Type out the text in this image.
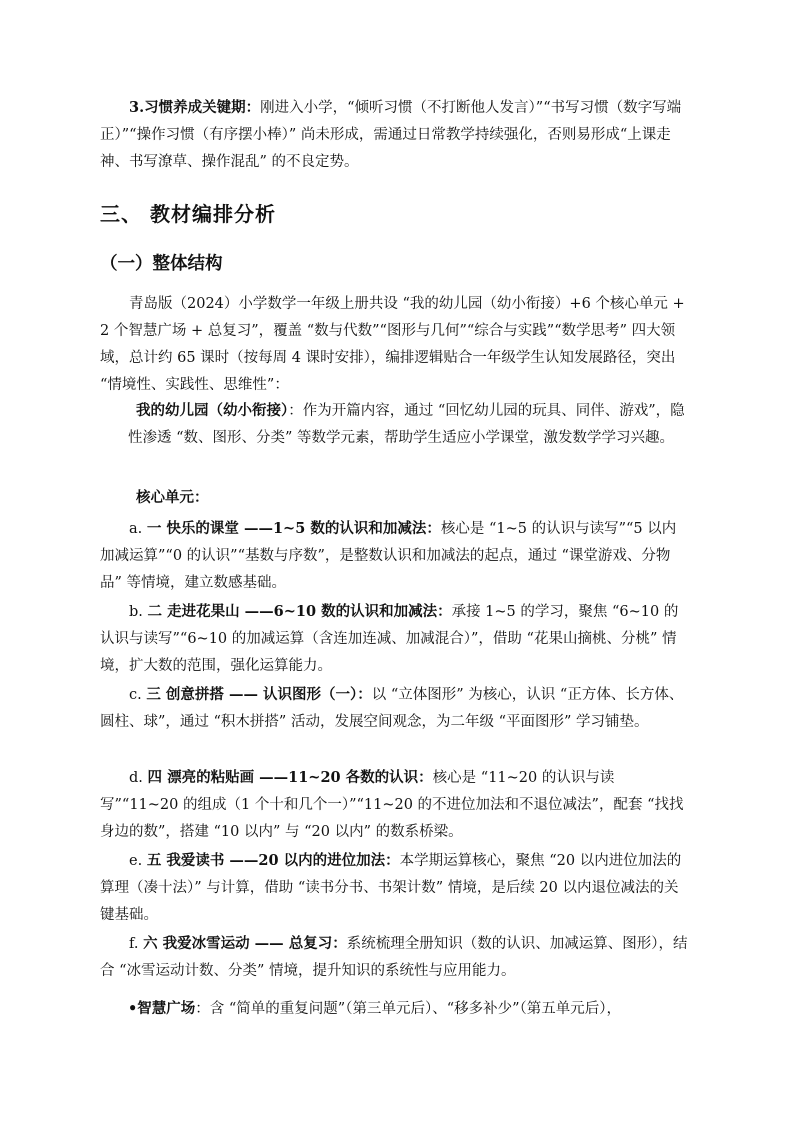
3.习惯养成关键期：刚进入小学，“倾听习惯（不打断他人发言）”“书写习惯（数字写端正）”“操作习惯（有序摆小棒）” 尚未形成，需通过日常教学持续强化，否则易形成“上课走神、书写潦草、操作混乱” 的不良定势。

三、 教材编排分析
（一）整体结构

青岛版（2024）小学数学一年级上册共设 “我的幼儿园（幼小衔接）+6 个核心单元 + 2 个智慧广场 + 总复习”，覆盖 “数与代数”“图形与几何”“综合与实践”“数学思考” 四大领域，总计约 65 课时（按每周 4 课时安排），编排逻辑贴合一年级学生认知发展路径，突出 “情境性、实践性、思维性”：

我的幼儿园（幼小衔接）：作为开篇内容，通过 “回忆幼儿园的玩具、同伴、游戏”，隐性渗透 “数、图形、分类” 等数学元素，帮助学生适应小学课堂，激发数学学习兴趣。

核心单元：

a. 一 快乐的课堂 ——1~5 数的认识和加减法：核心是 “1~5 的认识与读写”“5 以内加减运算”“0 的认识”“基数与序数”，是整数认识和加减法的起点，通过 “课堂游戏、分物品” 等情境，建立数感基础。

b. 二 走进花果山 ——6~10 数的认识和加减法：承接 1~5 的学习，聚焦 “6~10 的认识与读写”“6~10 的加减运算（含连加连减、加减混合）”，借助 “花果山摘桃、分桃” 情境，扩大数的范围，强化运算能力。

c. 三 创意拼搭 —— 认识图形（一）：以 “立体图形” 为核心，认识 “正方体、长方体、圆柱、球”，通过 “积木拼搭” 活动，发展空间观念，为二年级 “平面图形” 学习铺垫。

d. 四 漂亮的粘贴画 ——11~20 各数的认识：核心是 “11~20 的认识与读写”“11~20 的组成（1 个十和几个一）”“11~20 的不进位加法和不退位减法”，配套 “找找身边的数”，搭建 “10 以内” 与 “20 以内” 的数系桥梁。

e. 五 我爱读书 ——20 以内的进位加法：本学期运算核心，聚焦 “20 以内进位加法的算理（凑十法）” 与计算，借助 “读书分书、书架计数” 情境，是后续 20 以内退位减法的关键基础。

f. 六 我爱冰雪运动 —— 总复习：系统梳理全册知识（数的认识、加减运算、图形），结合 “冰雪运动计数、分类” 情境，提升知识的系统性与应用能力。

•智慧广场：含 “简单的重复问题”（第三单元后）、“移多补少”（第五单元后），
